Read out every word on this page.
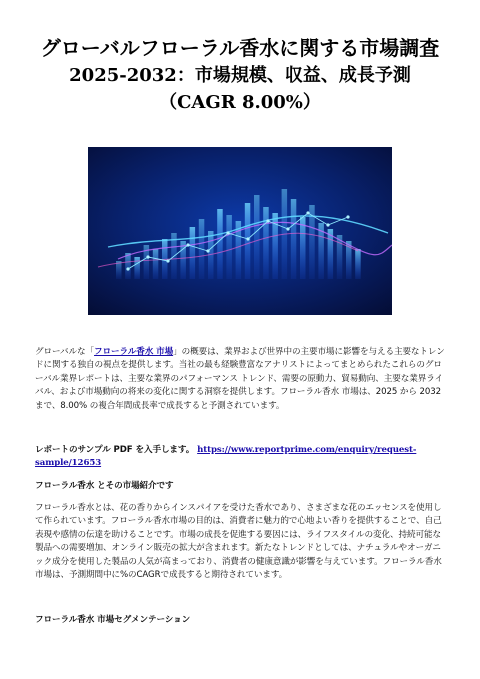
グローバルフローラル香水に関する市場調査
2025-2032：市場規模、収益、成長予測
（CAGR 8.00%）
グローバルな「フローラル香水 市場」の概要は、業界および世界中の主要市場に影響を与える主要なトレンドに関する独自の視点を提供します。当社の最も経験豊富なアナリストによってまとめられたこれらのグローバル業界レポートは、主要な業界のパフォーマンス トレンド、需要の原動力、貿易動向、主要な業界ライバル、および市場動向の将来の変化に関する洞察を提供します。フローラル香水 市場は、2025 から 2032 まで、8.00% の複合年間成長率で成長すると予測されています。
レポートのサンプル PDF を入手します。 https://www.reportprime.com/enquiry/request-sample/12653
フローラル香水 とその市場紹介です
フローラル香水とは、花の香りからインスパイアを受けた香水であり、さまざまな花のエッセンスを使用して作られています。フローラル香水市場の目的は、消費者に魅力的で心地よい香りを提供することで、自己表現や感情の伝達を助けることです。市場の成長を促進する要因には、ライフスタイルの変化、持続可能な製品への需要増加、オンライン販売の拡大が含まれます。新たなトレンドとしては、ナチュラルやオーガニック成分を使用した製品の人気が高まっており、消費者の健康意識が影響を与えています。フローラル香水市場は、予測期間中に%のCAGRで成長すると期待されています。
フローラル香水 市場セグメンテーション
